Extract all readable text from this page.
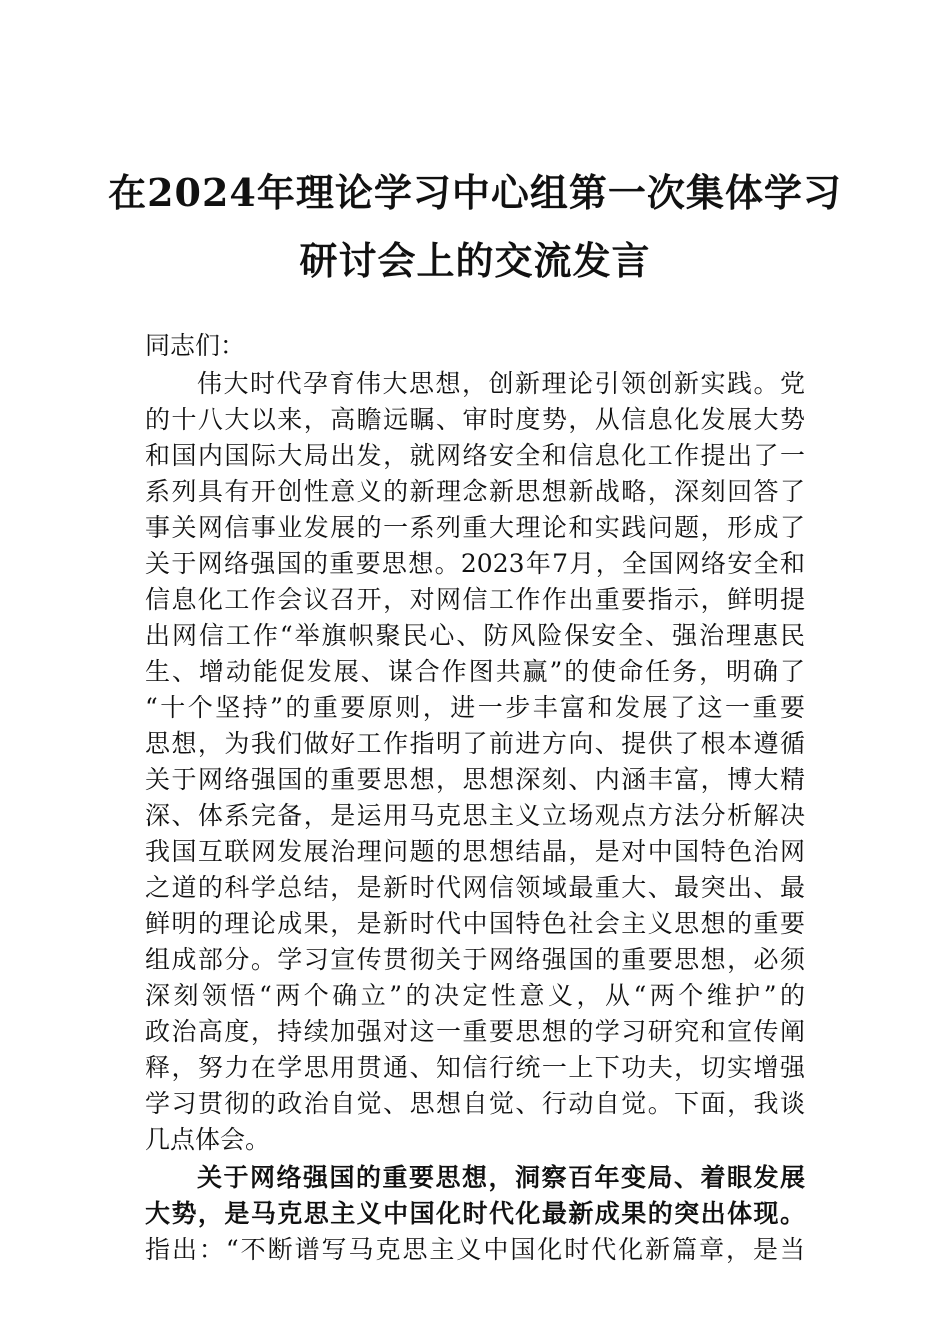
在2024年理论学习中心组第一次集体学习
研讨会上的交流发言
同志们：
伟大时代孕育伟大思想，创新理论引领创新实践。党
的十八大以来，高瞻远瞩、审时度势，从信息化发展大势
和国内国际大局出发，就网络安全和信息化工作提出了一
系列具有开创性意义的新理念新思想新战略，深刻回答了
事关网信事业发展的一系列重大理论和实践问题，形成了
关于网络强国的重要思想。2023年7月，全国网络安全和
信息化工作会议召开，对网信工作作出重要指示，鲜明提
出网信工作“举旗帜聚民心、防风险保安全、强治理惠民
生、增动能促发展、谋合作图共赢”的使命任务，明确了
“十个坚持”的重要原则，进一步丰富和发展了这一重要
思想，为我们做好工作指明了前进方向、提供了根本遵循
关于网络强国的重要思想，思想深刻、内涵丰富，博大精
深、体系完备，是运用马克思主义立场观点方法分析解决
我国互联网发展治理问题的思想结晶，是对中国特色治网
之道的科学总结，是新时代网信领域最重大、最突出、最
鲜明的理论成果，是新时代中国特色社会主义思想的重要
组成部分。学习宣传贯彻关于网络强国的重要思想，必须
深刻领悟“两个确立”的决定性意义，从“两个维护”的
政治高度，持续加强对这一重要思想的学习研究和宣传阐
释，努力在学思用贯通、知信行统一上下功夫，切实增强
学习贯彻的政治自觉、思想自觉、行动自觉。下面，我谈
几点体会。
关于网络强国的重要思想，洞察百年变局、着眼发展
大势，是马克思主义中国化时代化最新成果的突出体现。
指出：“不断谱写马克思主义中国化时代化新篇章，是当
